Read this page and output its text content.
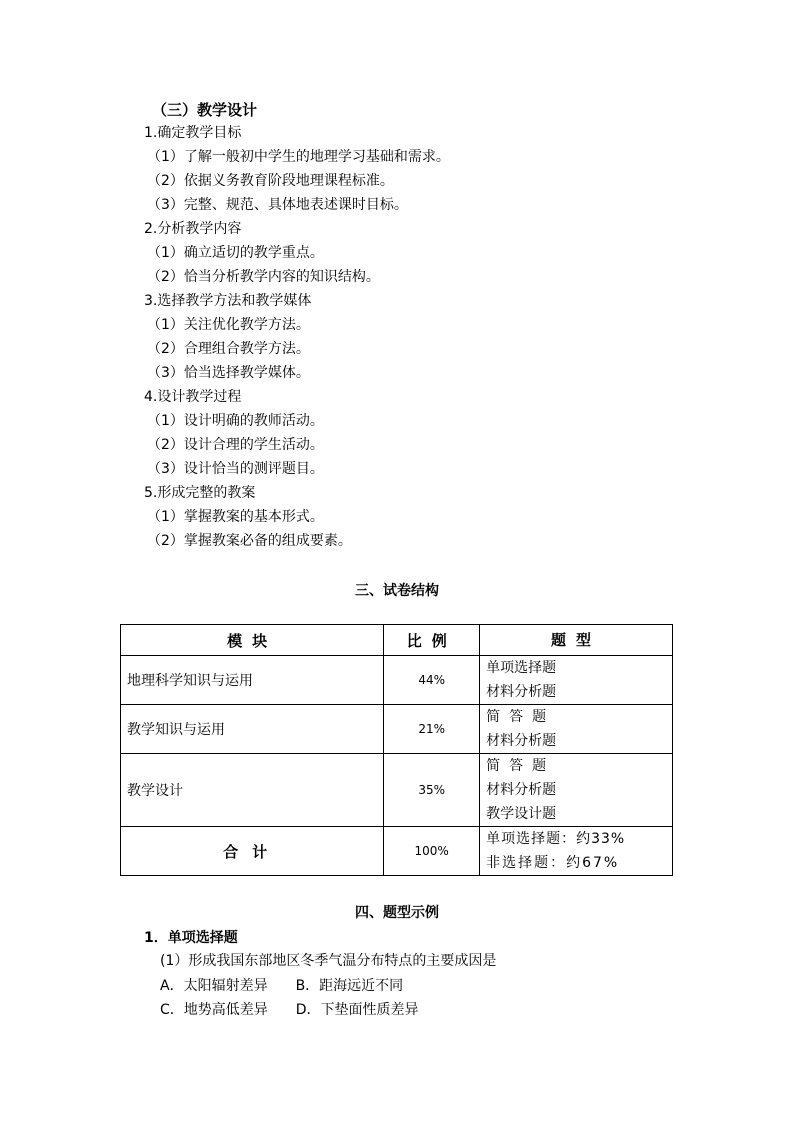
（三）教学设计
1.确定教学目标
（1）了解一般初中学生的地理学习基础和需求。
（2）依据义务教育阶段地理课程标准。
（3）完整、规范、具体地表述课时目标。
2.分析教学内容
（1）确立适切的教学重点。
（2）恰当分析教学内容的知识结构。
3.选择教学方法和教学媒体
（1）关注优化教学方法。
（2）合理组合教学方法。
（3）恰当选择教学媒体。
4.设计教学过程
（1）设计明确的教师活动。
（2）设计合理的学生活动。
（3）设计恰当的测评题目。
5.形成完整的教案
（1）掌握教案的基本形式。
（2）掌握教案必备的组成要素。
三、试卷结构
模块	比例	题型
地理科学知识与运用	44%	单项选择题
材料分析题

教学知识与运用	21%	简答题
材料分析题

教学设计	35%	简答题
材料分析题
教学设计题

合计	100%	单项选择题：约33%
非选择题：约67%
四、题型示例
1．单项选择题
(1）形成我国东部地区冬季气温分布特点的主要成因是
A．太阳辐射差异　　B．距海远近不同
C．地势高低差异　　D．下垫面性质差异
